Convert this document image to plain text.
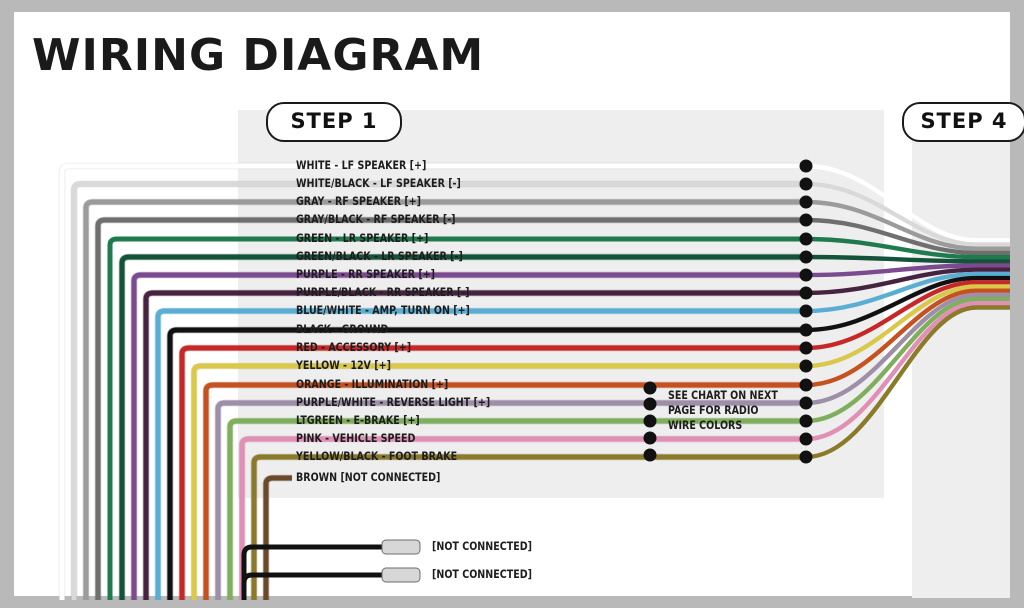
WIRING DIAGRAM
STEP 1	STEP 4
WHITE - LF SPEAKER [+]
WHITE/BLACK - LF SPEAKER [-]
GRAY - RF SPEAKER [+]
GRAY/BLACK - RF SPEAKER [-]
GREEN - LR SPEAKER [+]
GREEN/BLACK - LR SPEAKER [-]
PURPLE - RR SPEAKER [+]
PURPLE/BLACK - RR SPEAKER [-]
BLUE/WHITE - AMP, TURN ON [+]
BLACK - GROUND
RED - ACCESSORY [+]
YELLOW - 12V [+]
ORANGE - ILLUMINATION [+]
PURPLE/WHITE - REVERSE LIGHT [+]
LTGREEN - E-BRAKE [+]
PINK - VEHICLE SPEED
YELLOW/BLACK - FOOT BRAKE
BROWN [NOT CONNECTED]
SEE CHART ON NEXT PAGE FOR RADIO WIRE COLORS
[NOT CONNECTED]
[NOT CONNECTED]
